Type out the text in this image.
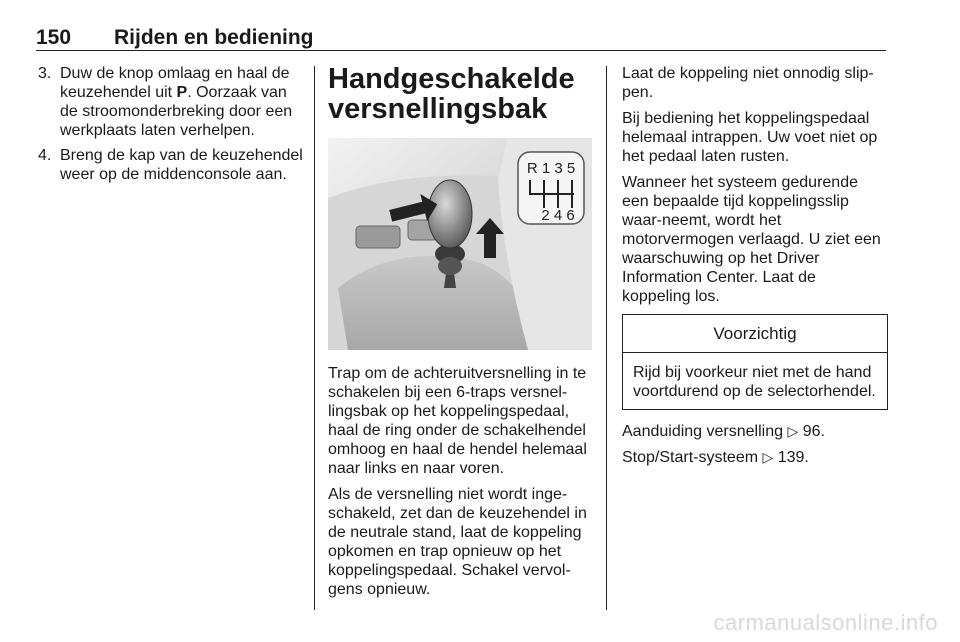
150 Rijden en bediening
3. Duw de knop omlaag en haal de keuzehendel uit P. Oorzaak van de stroomonderbreking door een werkplaats laten verhelpen.
4. Breng de kap van de keuzehendel weer op de middenconsole aan.
Handgeschakelde versnellingsbak
R 1 3 5
2 4 6

Trap om de achteruitversnelling in te schakelen bij een 6-traps versnel-lingsbak op het koppelingspedaal, haal de ring onder de schakelhendel omhoog en haal de hendel helemaal naar links en naar voren.

Als de versnelling niet wordt inge-schakeld, zet dan de keuzehendel in de neutrale stand, laat de koppeling opkomen en trap opnieuw op het koppelingspedaal. Schakel vervol-gens opnieuw.

Laat de koppeling niet onnodig slip-pen.

Bij bediening het koppelingspedaal helemaal intrappen. Uw voet niet op het pedaal laten rusten.

Wanneer het systeem gedurende een bepaalde tijd koppelingsslip waar-neemt, wordt het motorvermogen verlaagd. U ziet een waarschuwing op het Driver Information Center. Laat de koppeling los.

Voorzichtig
Rijd bij voorkeur niet met de hand voortdurend op de selectorhendel.

Aanduiding versnelling ▷ 96.

Stop/Start-systeem ▷ 139.

carmanualsonline.info
